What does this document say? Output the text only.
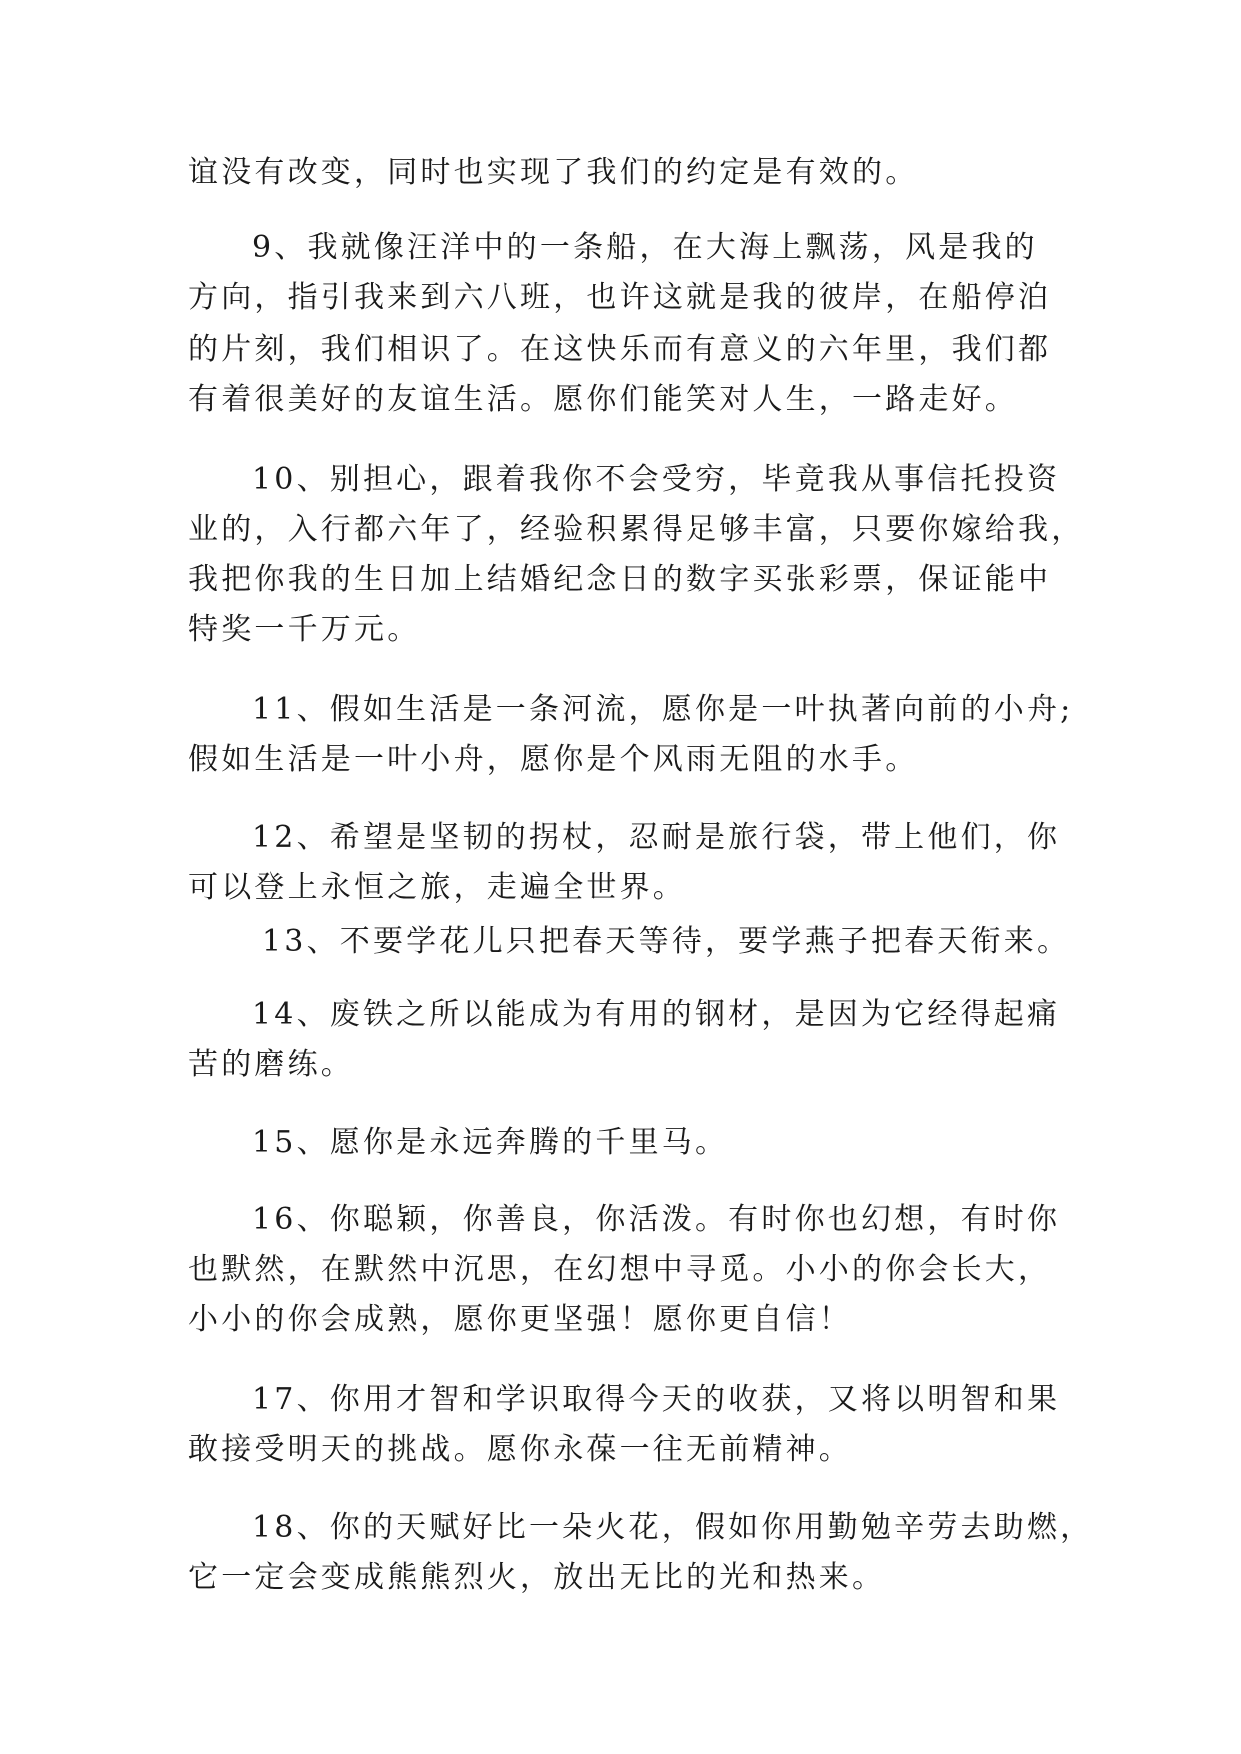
谊没有改变，同时也实现了我们的约定是有效的。
9、我就像汪洋中的一条船，在大海上飘荡，风是我的
方向，指引我来到六八班，也许这就是我的彼岸，在船停泊
的片刻，我们相识了。在这快乐而有意义的六年里，我们都
有着很美好的友谊生活。愿你们能笑对人生，一路走好。
10、别担心，跟着我你不会受穷，毕竟我从事信托投资
业的，入行都六年了，经验积累得足够丰富，只要你嫁给我，
我把你我的生日加上结婚纪念日的数字买张彩票，保证能中
特奖一千万元。
11、假如生活是一条河流，愿你是一叶执著向前的小舟;
假如生活是一叶小舟，愿你是个风雨无阻的水手。
12、希望是坚韧的拐杖，忍耐是旅行袋，带上他们，你
可以登上永恒之旅，走遍全世界。
13、不要学花儿只把春天等待，要学燕子把春天衔来。
14、废铁之所以能成为有用的钢材，是因为它经得起痛
苦的磨练。
15、愿你是永远奔腾的千里马。
16、你聪颖，你善良，你活泼。有时你也幻想，有时你
也默然，在默然中沉思，在幻想中寻觅。小小的你会长大，
小小的你会成熟，愿你更坚强！愿你更自信！
17、你用才智和学识取得今天的收获，又将以明智和果
敢接受明天的挑战。愿你永葆一往无前精神。
18、你的天赋好比一朵火花，假如你用勤勉辛劳去助燃，
它一定会变成熊熊烈火，放出无比的光和热来。
